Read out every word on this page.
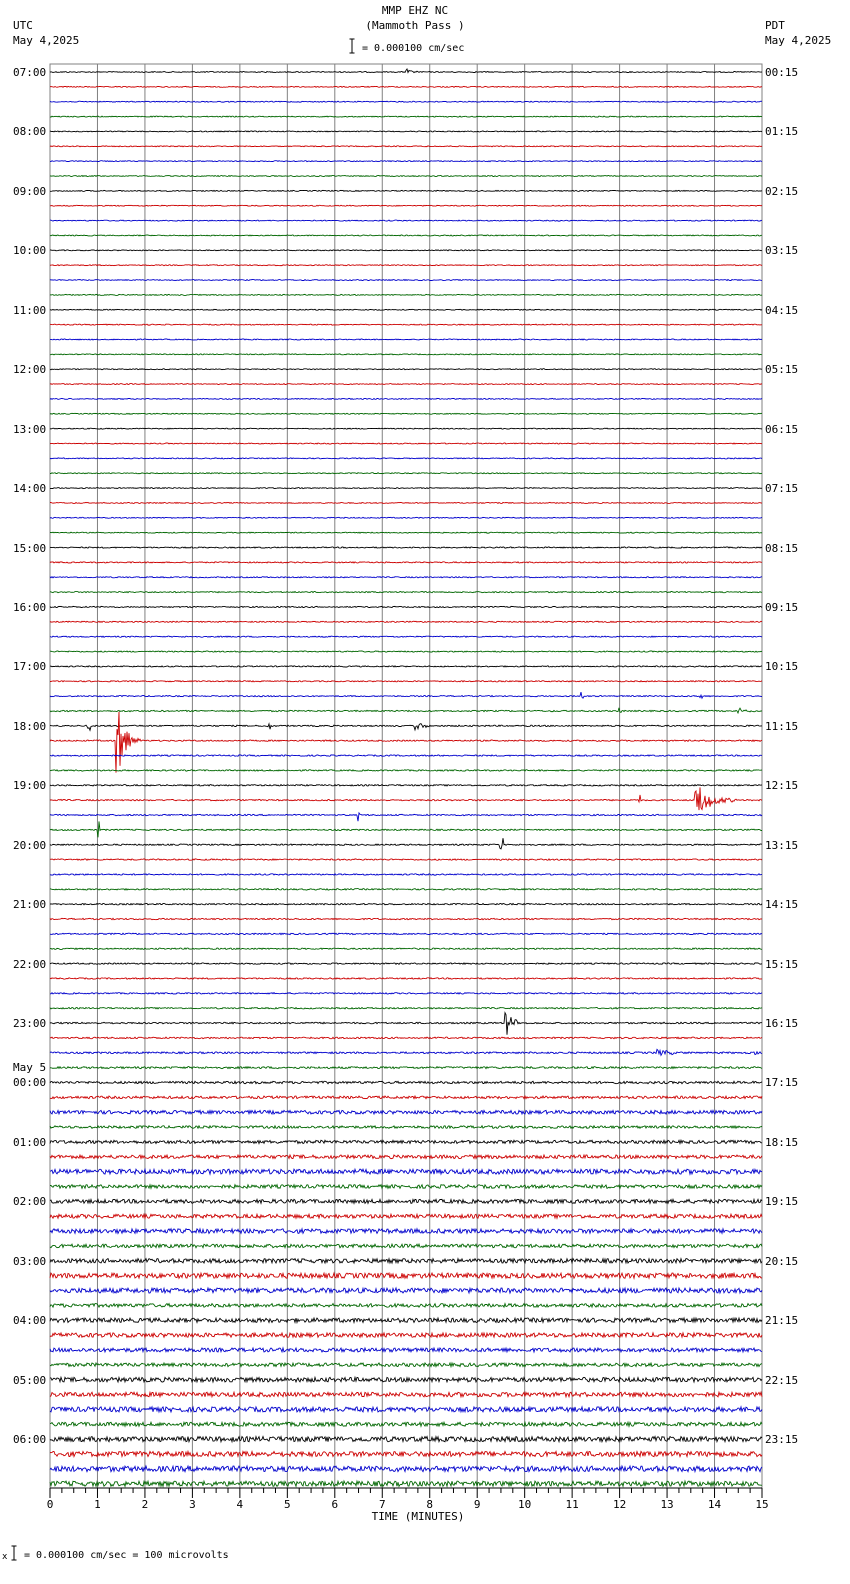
MMP EHZ NC
(Mammoth Pass )
= 0.000100 cm/sec
UTC
May 4,2025
PDT
May 4,2025
07:00	00:15
08:00	01:15
09:00	02:15
10:00	03:15
11:00	04:15
12:00	05:15
13:00	06:15
14:00	07:15
15:00	08:15
16:00	09:15
17:00	10:15
18:00	11:15
19:00	12:15
20:00	13:15
21:00	14:15
22:00	15:15
23:00	16:15
00:00	17:15
01:00	18:15
02:00	19:15
03:00	20:15
04:00	21:15
05:00	22:15
06:00	23:15
May 5
0	1	2	3	4	5	6	7	8	9	10	11	12	13	14	15
TIME (MINUTES)
x = 0.000100 cm/sec = 100 microvolts
